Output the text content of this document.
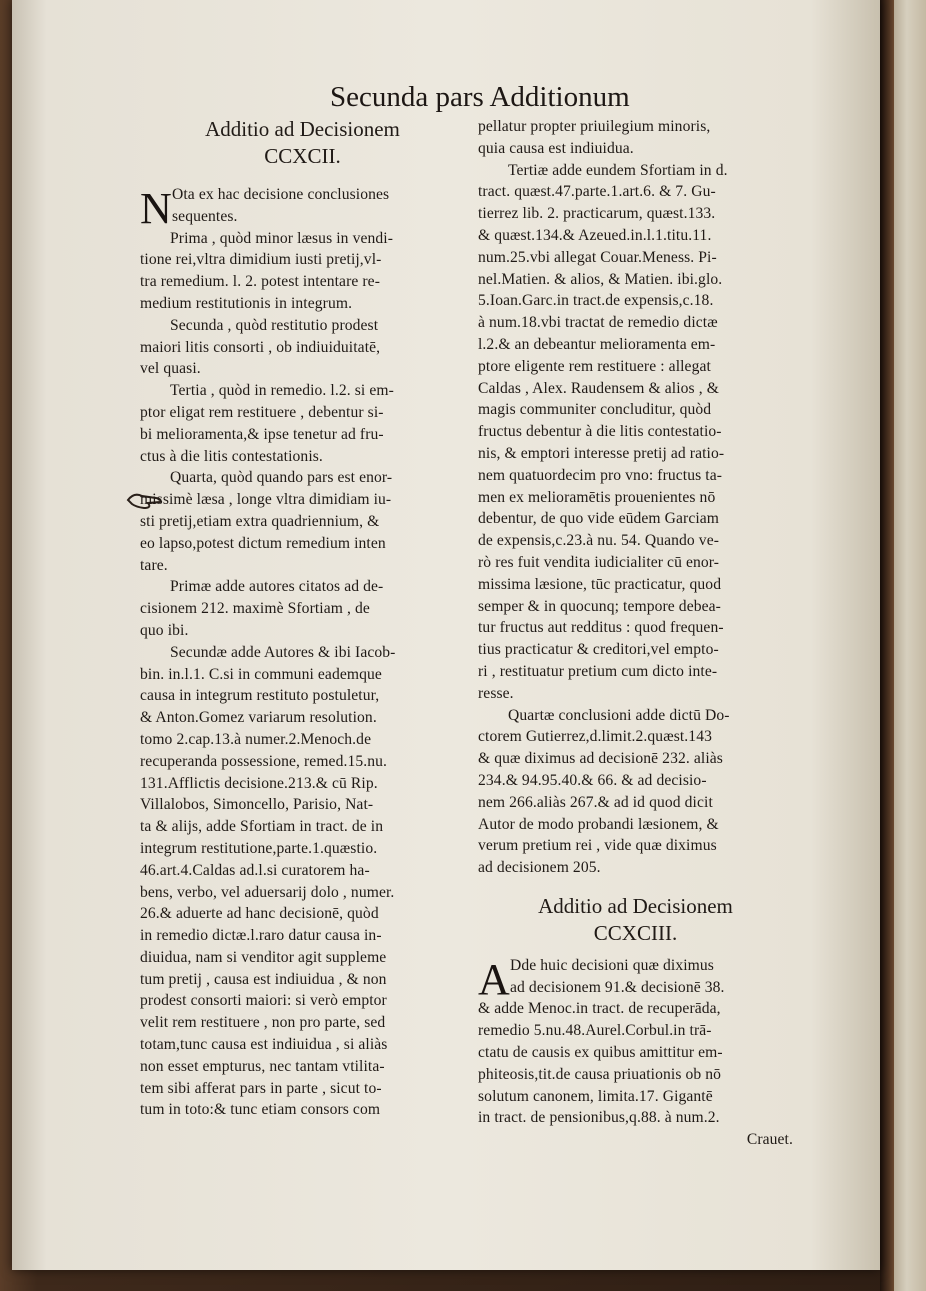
Secunda pars Additionum
Additio ad Decisionem
CCXCII.
N Ota ex hac decisione conclusiones
sequentes.
Prima , quòd minor læsus in vendi-
tione rei,vltra dimidium iusti pretij,vl-
tra remedium. l. 2. potest intentare re-
medium restitutionis in integrum.
Secunda , quòd restitutio prodest
maiori litis consorti , ob indiuiduitatē,
vel quasi.
Tertia , quòd in remedio. l.2. si em-
ptor eligat rem restituere , debentur si-
bi melioramenta,& ipse tenetur ad fru-
ctus à die litis contestationis.
Quarta, quòd quando pars est enor-
missimè læsa , longe vltra dimidiam iu-
sti pretij,etiam extra quadriennium, &
eo lapso,potest dictum remedium inten
tare.
Primæ adde autores citatos ad de-
cisionem 212. maximè Sfortiam , de
quo ibi.
Secundæ adde Autores & ibi Iacob-
bin. in.l.1. C.si in communi eademque
causa in integrum restituto postuletur,
& Anton.Gomez variarum resolution.
tomo 2.cap.13.à numer.2.Menoch.de
recuperanda possessione, remed.15.nu.
131.Afflictis decisione.213.& cū Rip.
Villalobos, Simoncello, Parisio, Nat-
ta & alijs, adde Sfortiam in tract. de in
integrum restitutione,parte.1.quæstio.
46.art.4.Caldas ad.l.si curatorem ha-
bens, verbo, vel aduersarij dolo , numer.
26.& aduerte ad hanc decisionē, quòd
in remedio dictæ.l.raro datur causa in-
diuidua, nam si venditor agit suppleme
tum pretij , causa est indiuidua , & non
prodest consorti maiori: si verò emptor
velit rem restituere , non pro parte, sed
totam,tunc causa est indiuidua , si aliàs
non esset empturus, nec tantam vtilita-
tem sibi afferat pars in parte , sicut to-
tum in toto:& tunc etiam consors com
pellatur propter priuilegium minoris,
quia causa est indiuidua.
Tertiæ adde eundem Sfortiam in d.
tract. quæst.47.parte.1.art.6. & 7. Gu-
tierrez lib. 2. practicarum, quæst.133.
& quæst.134.& Azeued.in.l.1.titu.11.
num.25.vbi allegat Couar.Meness. Pi-
nel.Matien. & alios, & Matien. ibi.glo.
5.Ioan.Garc.in tract.de expensis,c.18.
à num.18.vbi tractat de remedio dictæ
l.2.& an debeantur melioramenta em-
ptore eligente rem restituere : allegat
Caldas , Alex. Raudensem & alios , &
magis communiter concluditur, quòd
fructus debentur à die litis contestatio-
nis, & emptori interesse pretij ad ratio-
nem quatuordecim pro vno: fructus ta-
men ex melioramētis prouenientes nō
debentur, de quo vide eūdem Garciam
de expensis,c.23.à nu. 54. Quando ve-
rò res fuit vendita iudicialiter cū enor-
missima læsione, tūc practicatur, quod
semper & in quocunq; tempore debea-
tur fructus aut redditus : quod frequen-
tius practicatur & creditori,vel empto-
ri , restituatur pretium cum dicto inte-
resse.
Quartæ conclusioni adde dictū Do-
ctorem Gutierrez,d.limit.2.quæst.143
& quæ diximus ad decisionē 232. aliàs
234.& 94.95.40.& 66. & ad decisio-
nem 266.aliàs 267.& ad id quod dicit
Autor de modo probandi læsionem, &
verum pretium rei , vide quæ diximus
ad decisionem 205.
Additio ad Decisionem
CCXCIII.
A Dde huic decisioni quæ diximus
ad decisionem 91.& decisionē 38.
& adde Menoc.in tract. de recuperāda,
remedio 5.nu.48.Aurel.Corbul.in trā-
ctatu de causis ex quibus amittitur em-
phiteosis,tit.de causa priuationis ob nō
solutum canonem, limita.17. Gigantē
in tract. de pensionibus,q.88. à num.2.
Crauet.
